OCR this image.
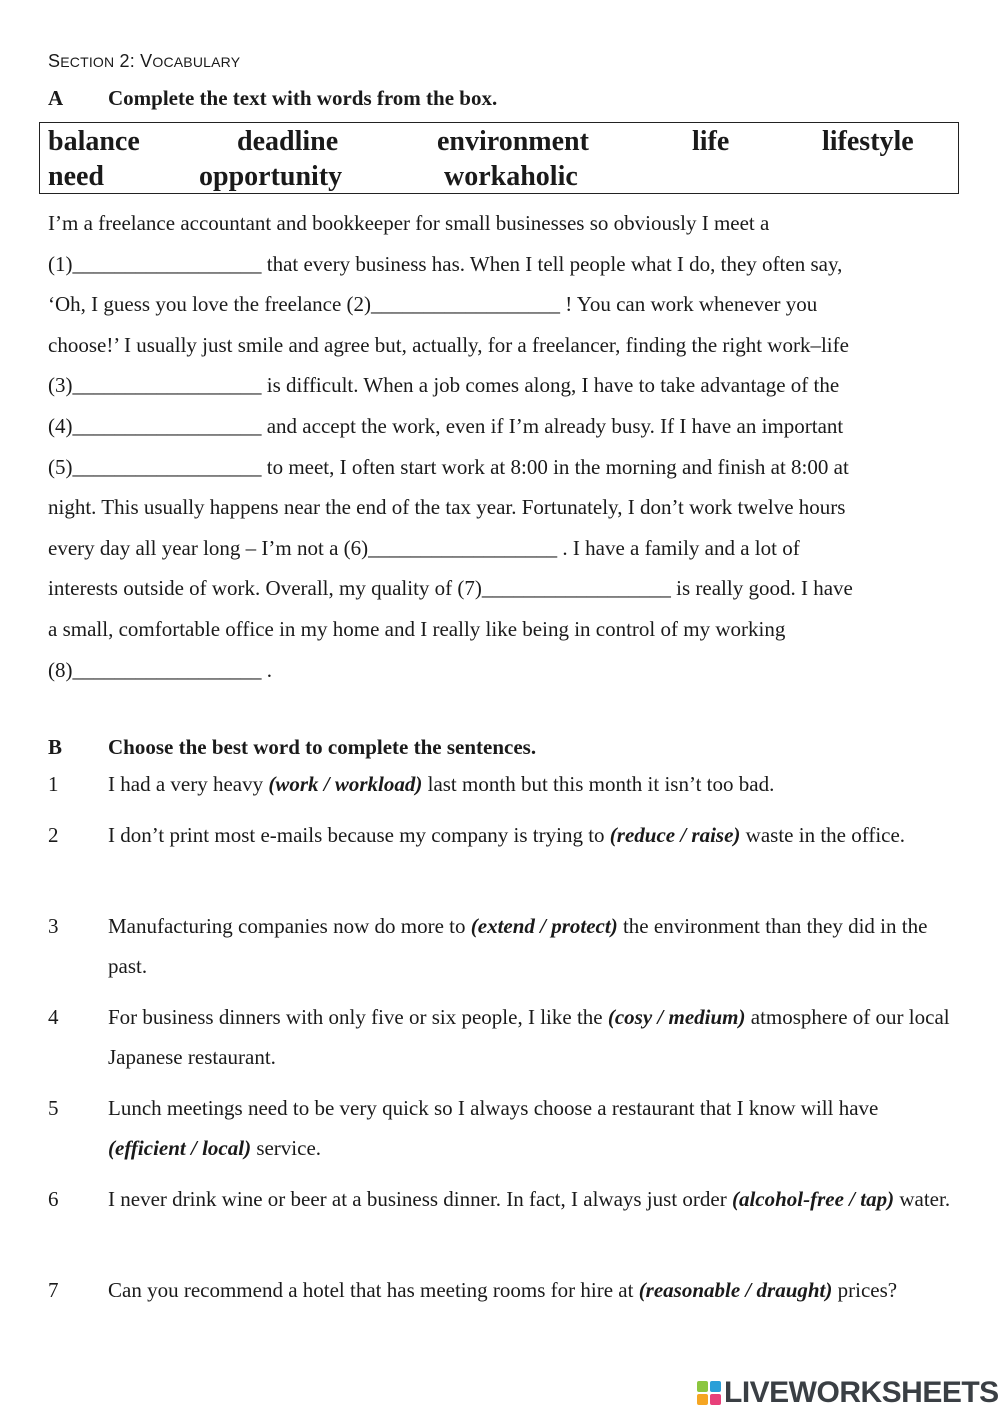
SECTION 2: VOCABULARY
A Complete the text with words from the box.
balance	deadline	environment	life	lifestyle
need	opportunity	workaholic
I’m a freelance accountant and bookkeeper for small businesses so obviously I meet a
(1)__________________ that every business has. When I tell people what I do, they often say,
‘Oh, I guess you love the freelance (2)__________________ ! You can work whenever you
choose!’ I usually just smile and agree but, actually, for a freelancer, finding the right work–life
(3)__________________ is difficult. When a job comes along, I have to take advantage of the
(4)__________________ and accept the work, even if I’m already busy. If I have an important
(5)__________________ to meet, I often start work at 8:00 in the morning and finish at 8:00 at
night. This usually happens near the end of the tax year. Fortunately, I don’t work twelve hours
every day all year long – I’m not a (6)__________________ . I have a family and a lot of
interests outside of work. Overall, my quality of (7)__________________ is really good. I have
a small, comfortable office in my home and I really like being in control of my working
(8)__________________ .
B Choose the best word to complete the sentences.
1 I had a very heavy (work / workload) last month but this month it isn’t too bad.
2 I don’t print most e-mails because my company is trying to (reduce / raise) waste in the office.
3 Manufacturing companies now do more to (extend / protect) the environment than they did in the past.
4 For business dinners with only five or six people, I like the (cosy / medium) atmosphere of our local Japanese restaurant.
5 Lunch meetings need to be very quick so I always choose a restaurant that I know will have (efficient / local) service.
6 I never drink wine or beer at a business dinner. In fact, I always just order (alcohol-free / tap) water.
7 Can you recommend a hotel that has meeting rooms for hire at (reasonable / draught) prices?
LIVEWORKSHEETS
